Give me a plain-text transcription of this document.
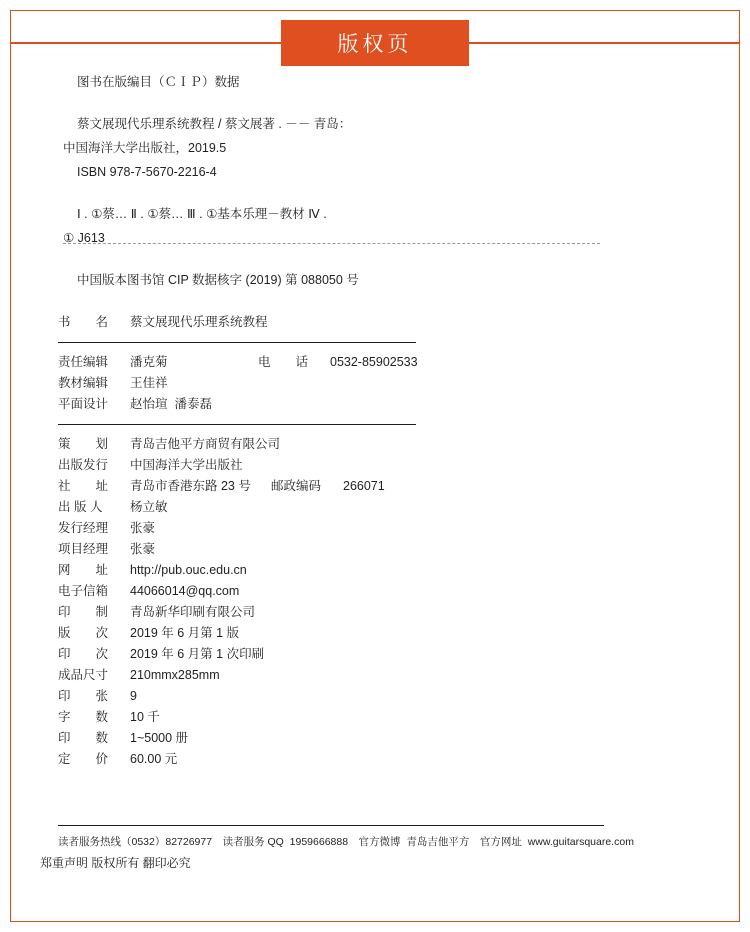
版权页
图书在版编目（ＣＩＰ）数据
蔡文展现代乐理系统教程 / 蔡文展著 . －－ 青岛：
中国海洋大学出版社，2019.5
ISBN 978-7-5670-2216-4
Ⅰ . ①蔡… Ⅱ . ①蔡… Ⅲ . ①基本乐理－教材 Ⅳ .
① J613
中国版本图书馆 CIP 数据核字 (2019) 第 088050 号
书　　名	蔡文展现代乐理系统教程
责任编辑	潘克菊	电　　话 0532-85902533
教材编辑	王佳祥
平面设计	赵怡瑄  潘泰磊
策　　划	青岛吉他平方商贸有限公司
出版发行	中国海洋大学出版社
社　　址	青岛市香港东路 23 号 邮政编码 266071
出 版 人	杨立敏
发行经理	张豪
项目经理	张豪
网　　址	http://pub.ouc.edu.cn
电子信箱	44066014@qq.com
印　　制	青岛新华印刷有限公司
版　　次	2019 年 6 月第 1 版
印　　次	2019 年 6 月第 1 次印刷
成品尺寸	210mmx285mm
印　　张	9
字　　数	10 千
印　　数	1~5000 册
定　　价	60.00 元
读者服务热线（0532）82726977　读者服务 QQ  1959666888　官方微博  青岛吉他平方　官方网址  www.guitarsquare.com
郑重声明 版权所有 翻印必究
